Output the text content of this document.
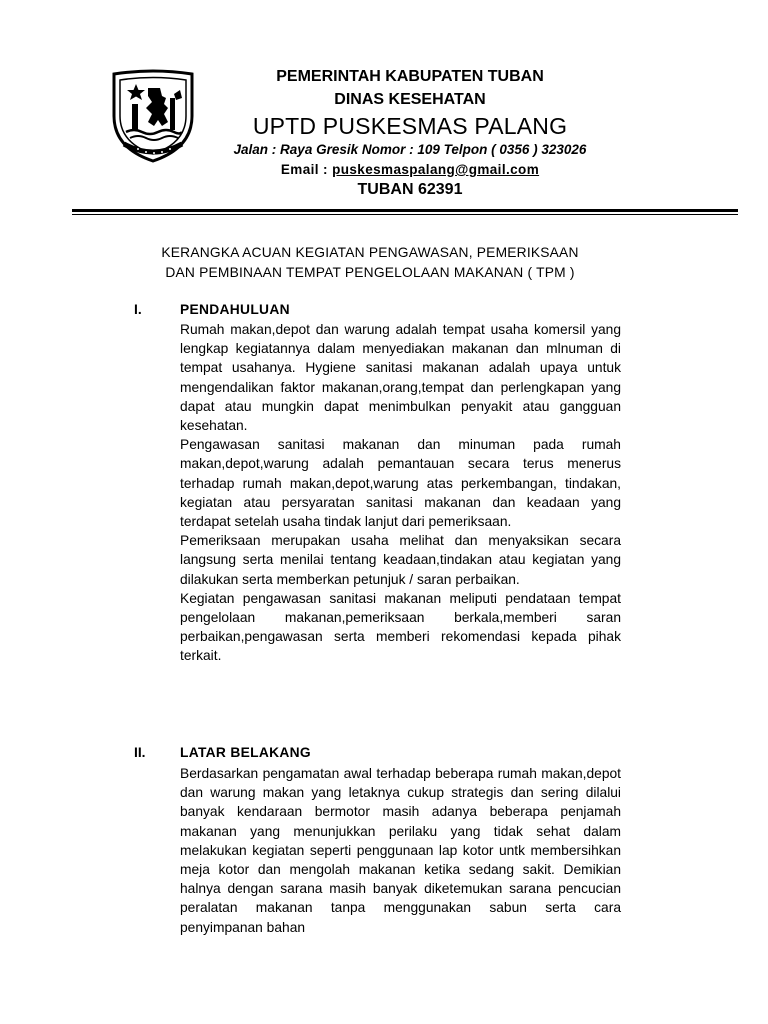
PEMERINTAH KABUPATEN TUBAN
DINAS KESEHATAN
UPTD PUSKESMAS PALANG
Jalan : Raya Gresik Nomor : 109 Telpon ( 0356 ) 323026
Email : puskesmaspalang@gmail.com
TUBAN 62391
KERANGKA ACUAN KEGIATAN PENGAWASAN, PEMERIKSAAN
DAN PEMBINAAN TEMPAT PENGELOLAAN MAKANAN ( TPM )
I.	PENDAHULUAN

Rumah makan,depot dan warung adalah tempat usaha komersil yang lengkap kegiatannya dalam menyediakan makanan dan mlnuman di tempat usahanya. Hygiene sanitasi makanan adalah upaya untuk mengendalikan faktor makanan,orang,tempat dan perlengkapan yang dapat atau mungkin dapat menimbulkan penyakit atau gangguan kesehatan.

Pengawasan sanitasi makanan dan minuman pada rumah makan,depot,warung adalah pemantauan secara terus menerus terhadap rumah makan,depot,warung atas perkembangan, tindakan, kegiatan atau persyaratan sanitasi makanan dan keadaan yang terdapat setelah usaha tindak lanjut dari pemeriksaan.

Pemeriksaan merupakan usaha melihat dan menyaksikan secara langsung serta menilai tentang keadaan,tindakan atau kegiatan yang dilakukan serta memberkan petunjuk / saran perbaikan.

Kegiatan pengawasan sanitasi makanan meliputi pendataan tempat pengelolaan makanan,pemeriksaan berkala,memberi saran perbaikan,pengawasan serta memberi rekomendasi kepada pihak terkait.

II.	LATAR BELAKANG

Berdasarkan pengamatan awal terhadap beberapa rumah makan,depot dan warung makan yang letaknya cukup strategis dan sering dilalui banyak kendaraan bermotor masih adanya beberapa penjamah makanan yang menunjukkan perilaku yang tidak sehat dalam melakukan kegiatan seperti penggunaan lap kotor untk membersihkan meja kotor dan mengolah makanan ketika sedang sakit. Demikian halnya dengan sarana masih banyak diketemukan sarana pencucian peralatan makanan tanpa menggunakan sabun serta cara penyimpanan bahan
